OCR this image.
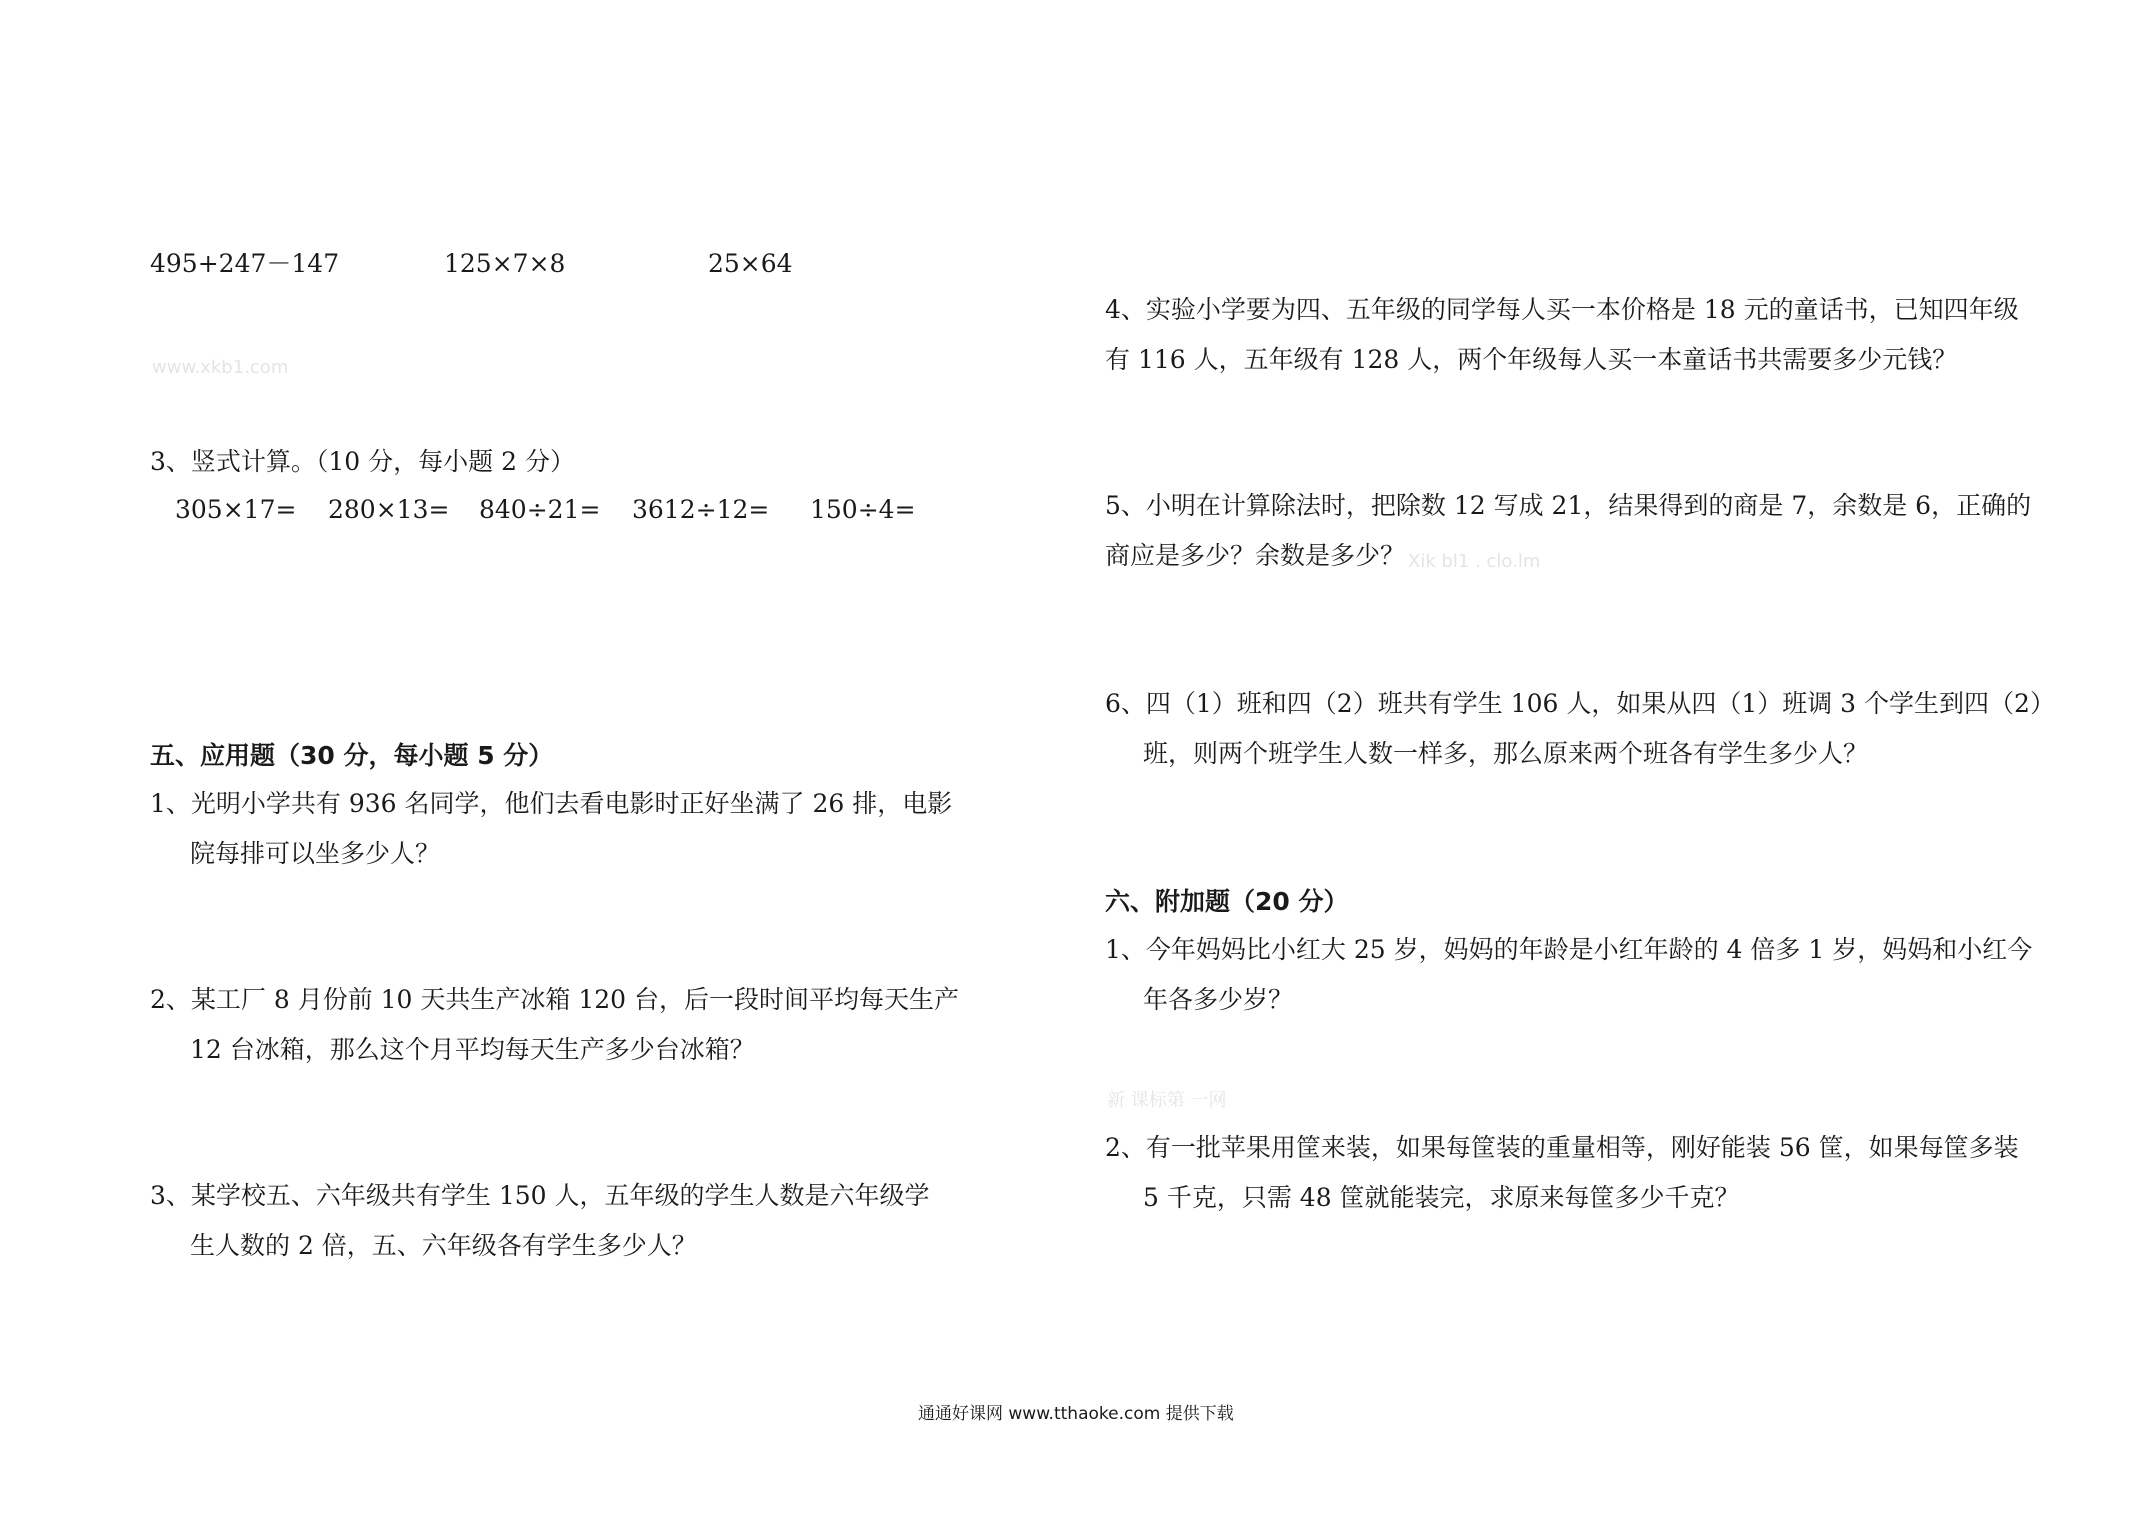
495+247－147	125×7×8	25×64
www.xkb1.com
3、竖式计算。（10 分，每小题 2 分）
305×17= 280×13= 840÷21= 3612÷12= 150÷4=
五、应用题（30 分，每小题 5 分）
1、光明小学共有 936 名同学，他们去看电影时正好坐满了 26 排，电影
院每排可以坐多少人？
2、某工厂 8 月份前 10 天共生产冰箱 120 台，后一段时间平均每天生产
12 台冰箱，那么这个月平均每天生产多少台冰箱？
3、某学校五、六年级共有学生 150 人，五年级的学生人数是六年级学
生人数的 2 倍，五、六年级各有学生多少人？
4、实验小学要为四、五年级的同学每人买一本价格是 18 元的童话书，已知四年级
有 116 人，五年级有 128 人，两个年级每人买一本童话书共需要多少元钱？
5、小明在计算除法时，把除数 12 写成 21，结果得到的商是 7，余数是 6，正确的
商应是多少？余数是多少？ Xik bl1 . clo.lm
6、四（1）班和四（2）班共有学生 106 人，如果从四（1）班调 3 个学生到四（2）
班，则两个班学生人数一样多，那么原来两个班各有学生多少人？
六、附加题（20 分）
1、今年妈妈比小红大 25 岁，妈妈的年龄是小红年龄的 4 倍多 1 岁，妈妈和小红今
年各多少岁？
新 课标第 一网
2、有一批苹果用筐来装，如果每筐装的重量相等，刚好能装 56 筐，如果每筐多装
5 千克，只需 48 筐就能装完，求原来每筐多少千克？
通通好课网 www.tthaoke.com 提供下载
